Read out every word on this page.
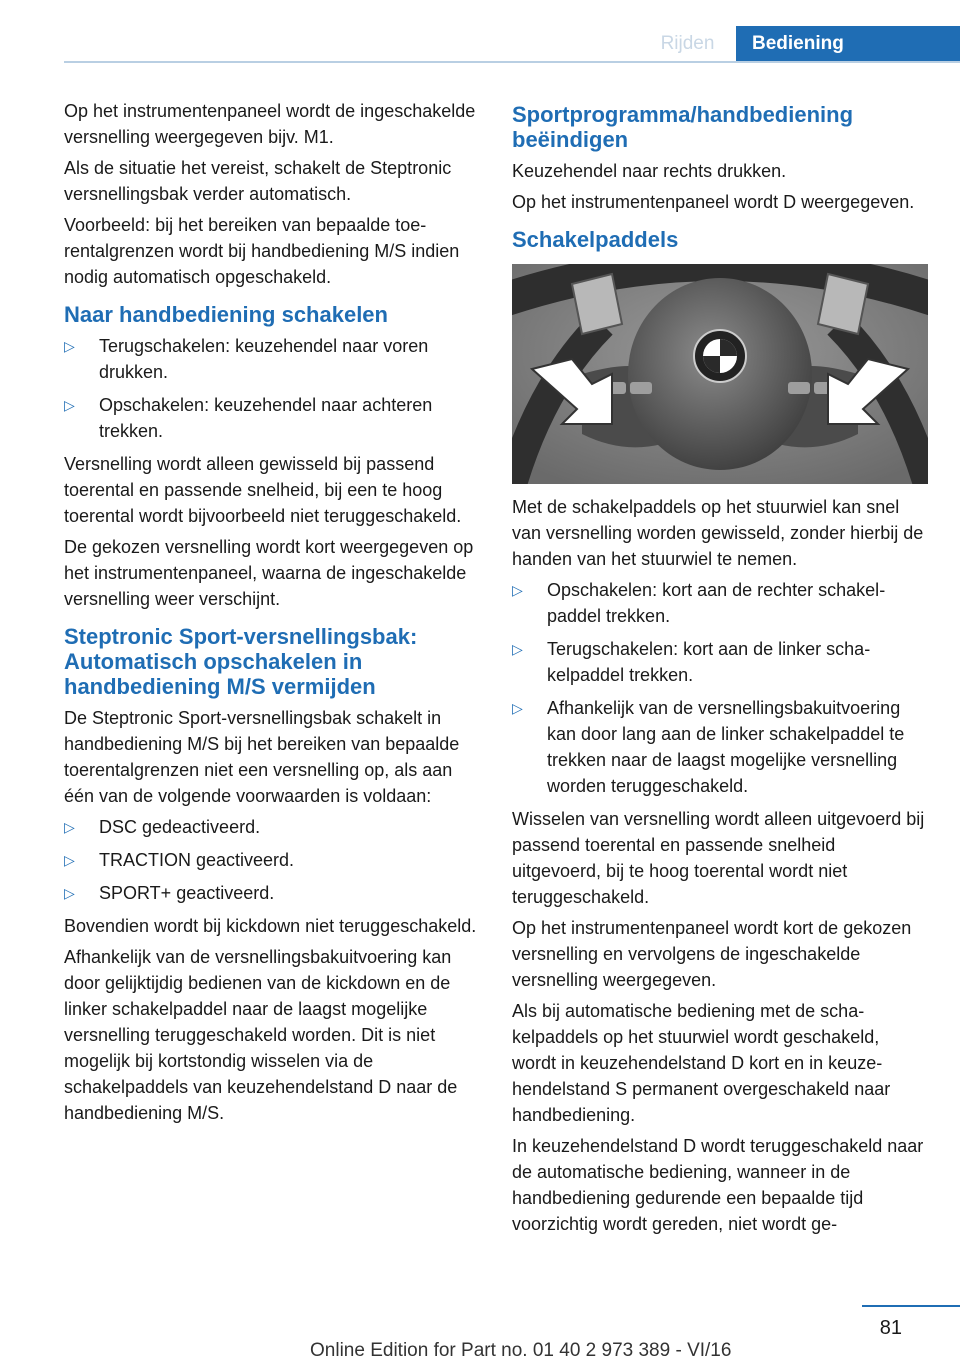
Rijden	Bediening

Op het instrumentenpaneel wordt de ingeschakelde versnelling weergegeven bijv. M1.

Als de situatie het vereist, schakelt de Steptronic versnellingsbak verder automatisch.

Voorbeeld: bij het bereiken van bepaalde toerentalgrenzen wordt bij handbediening M/S indien nodig automatisch opgeschakeld.

Naar handbediening schakelen
▷ Terugschakelen: keuzehendel naar voren drukken.
▷ Opschakelen: keuzehendel naar achteren trekken.

Versnelling wordt alleen gewisseld bij passend toerental en passende snelheid, bij een te hoog toerental wordt bijvoorbeeld niet teruggeschakeld.

De gekozen versnelling wordt kort weergegeven op het instrumentenpaneel, waarna de ingeschakelde versnelling weer verschijnt.

Steptronic Sport-versnellingsbak: Automatisch opschakelen in handbediening M/S vermijden

De Steptronic Sport-versnellingsbak schakelt in handbediening M/S bij het bereiken van bepaalde toerentalgrenzen niet een versnelling op, als aan één van de volgende voorwaarden is voldaan:

▷ DSC gedeactiveerd.
▷ TRACTION geactiveerd.
▷ SPORT+ geactiveerd.

Bovendien wordt bij kickdown niet teruggeschakeld.

Afhankelijk van de versnellingsbakuitvoering kan door gelijktijdig bedienen van de kickdown en de linker schakelpaddel naar de laagst mogelijke versnelling teruggeschakeld worden. Dit is niet mogelijk bij kortstondig wisselen via de schakelpaddels van keuzehendelstand D naar de handbediening M/S.

Sportprogramma/handbediening beëindigen

Keuzehendel naar rechts drukken.

Op het instrumentenpaneel wordt D weergegeven.

Schakelpaddels

Met de schakelpaddels op het stuurwiel kan snel van versnelling worden gewisseld, zonder hierbij de handen van het stuurwiel te nemen.

▷ Opschakelen: kort aan de rechter schakelpaddel trekken.
▷ Terugschakelen: kort aan de linker schakelpaddel trekken.
▷ Afhankelijk van de versnellingsbakuitvoering kan door lang aan de linker schakelpaddel te trekken naar de laagst mogelijke versnelling worden teruggeschakeld.

Wisselen van versnelling wordt alleen uitgevoerd bij passend toerental en passende snelheid uitgevoerd, bij te hoog toerental wordt niet teruggeschakeld.

Op het instrumentenpaneel wordt kort de gekozen versnelling en vervolgens de ingeschakelde versnelling weergegeven.

Als bij automatische bediening met de schakelpaddels op het stuurwiel wordt geschakeld, wordt in keuzehendelstand D kort en in keuzehendelstand S permanent overgeschakeld naar handbediening.

In keuzehendelstand D wordt teruggeschakeld naar de automatische bediening, wanneer in de handbediening gedurende een bepaalde tijd voorzichtig wordt gereden, niet wordt ge-

81
Online Edition for Part no. 01 40 2 973 389 - VI/16
